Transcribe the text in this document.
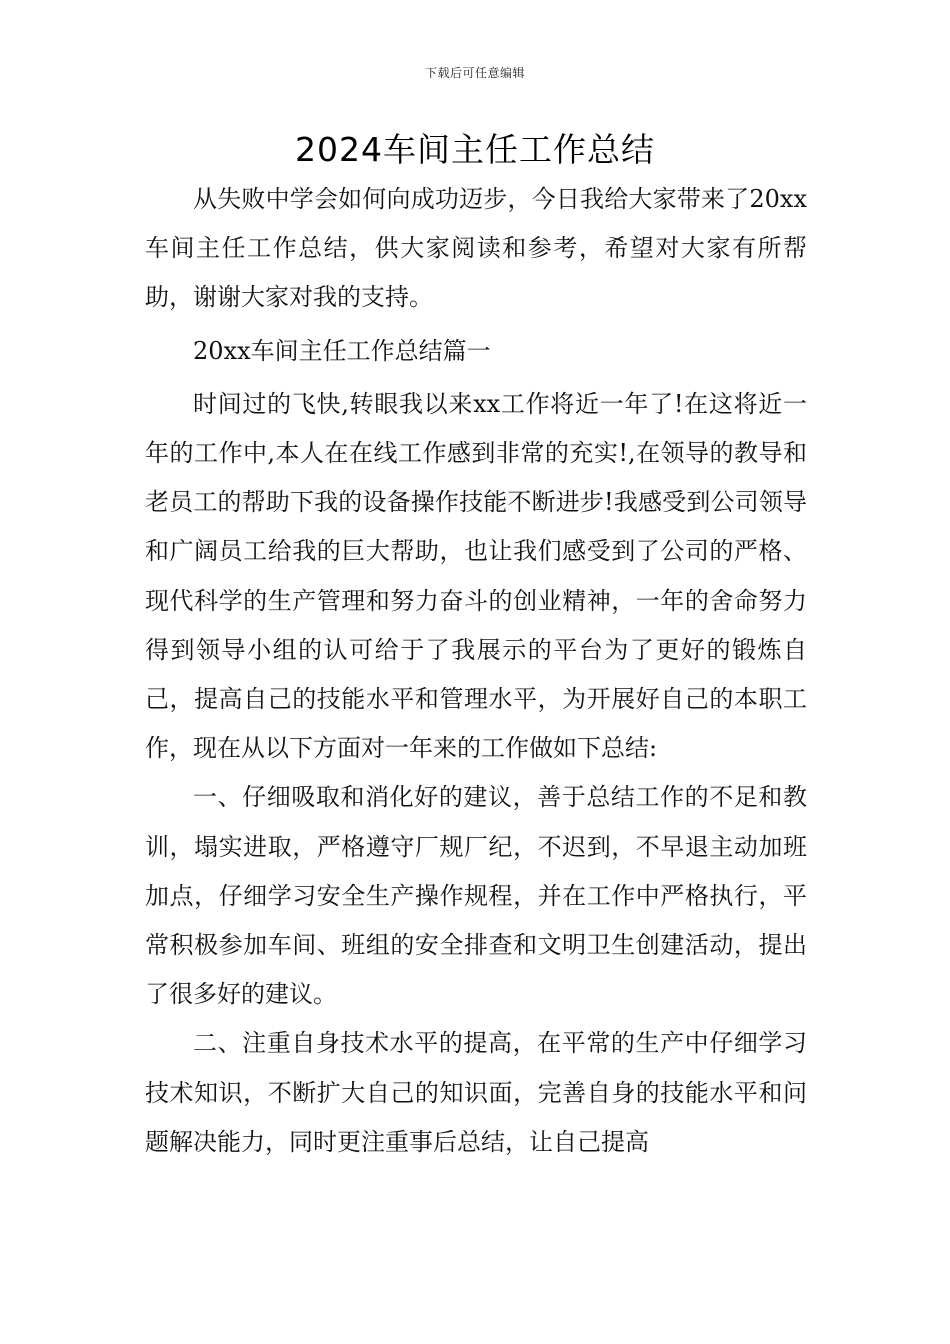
下载后可任意编辑
2024车间主任工作总结

从失败中学会如何向成功迈步，今日我给大家带来了20xx车间主任工作总结，供大家阅读和参考，希望对大家有所帮助，谢谢大家对我的支持。

20xx车间主任工作总结篇一

时间过的飞快,转眼我以来xx工作将近一年了!在这将近一年的工作中,本人在在线工作感到非常的充实!,在领导的教导和老员工的帮助下我的设备操作技能不断进步!我感受到公司领导和广阔员工给我的巨大帮助，也让我们感受到了公司的严格、现代科学的生产管理和努力奋斗的创业精神，一年的舍命努力得到领导小组的认可给于了我展示的平台为了更好的锻炼自己，提高自己的技能水平和管理水平，为开展好自己的本职工作，现在从以下方面对一年来的工作做如下总结:

一、仔细吸取和消化好的建议，善于总结工作的不足和教训，塌实进取，严格遵守厂规厂纪，不迟到，不早退主动加班加点，仔细学习安全生产操作规程，并在工作中严格执行，平常积极参加车间、班组的安全排查和文明卫生创建活动，提出了很多好的建议。

二、注重自身技术水平的提高，在平常的生产中仔细学习技术知识，不断扩大自己的知识面，完善自身的技能水平和问题解决能力，同时更注重事后总结，让自己提高
